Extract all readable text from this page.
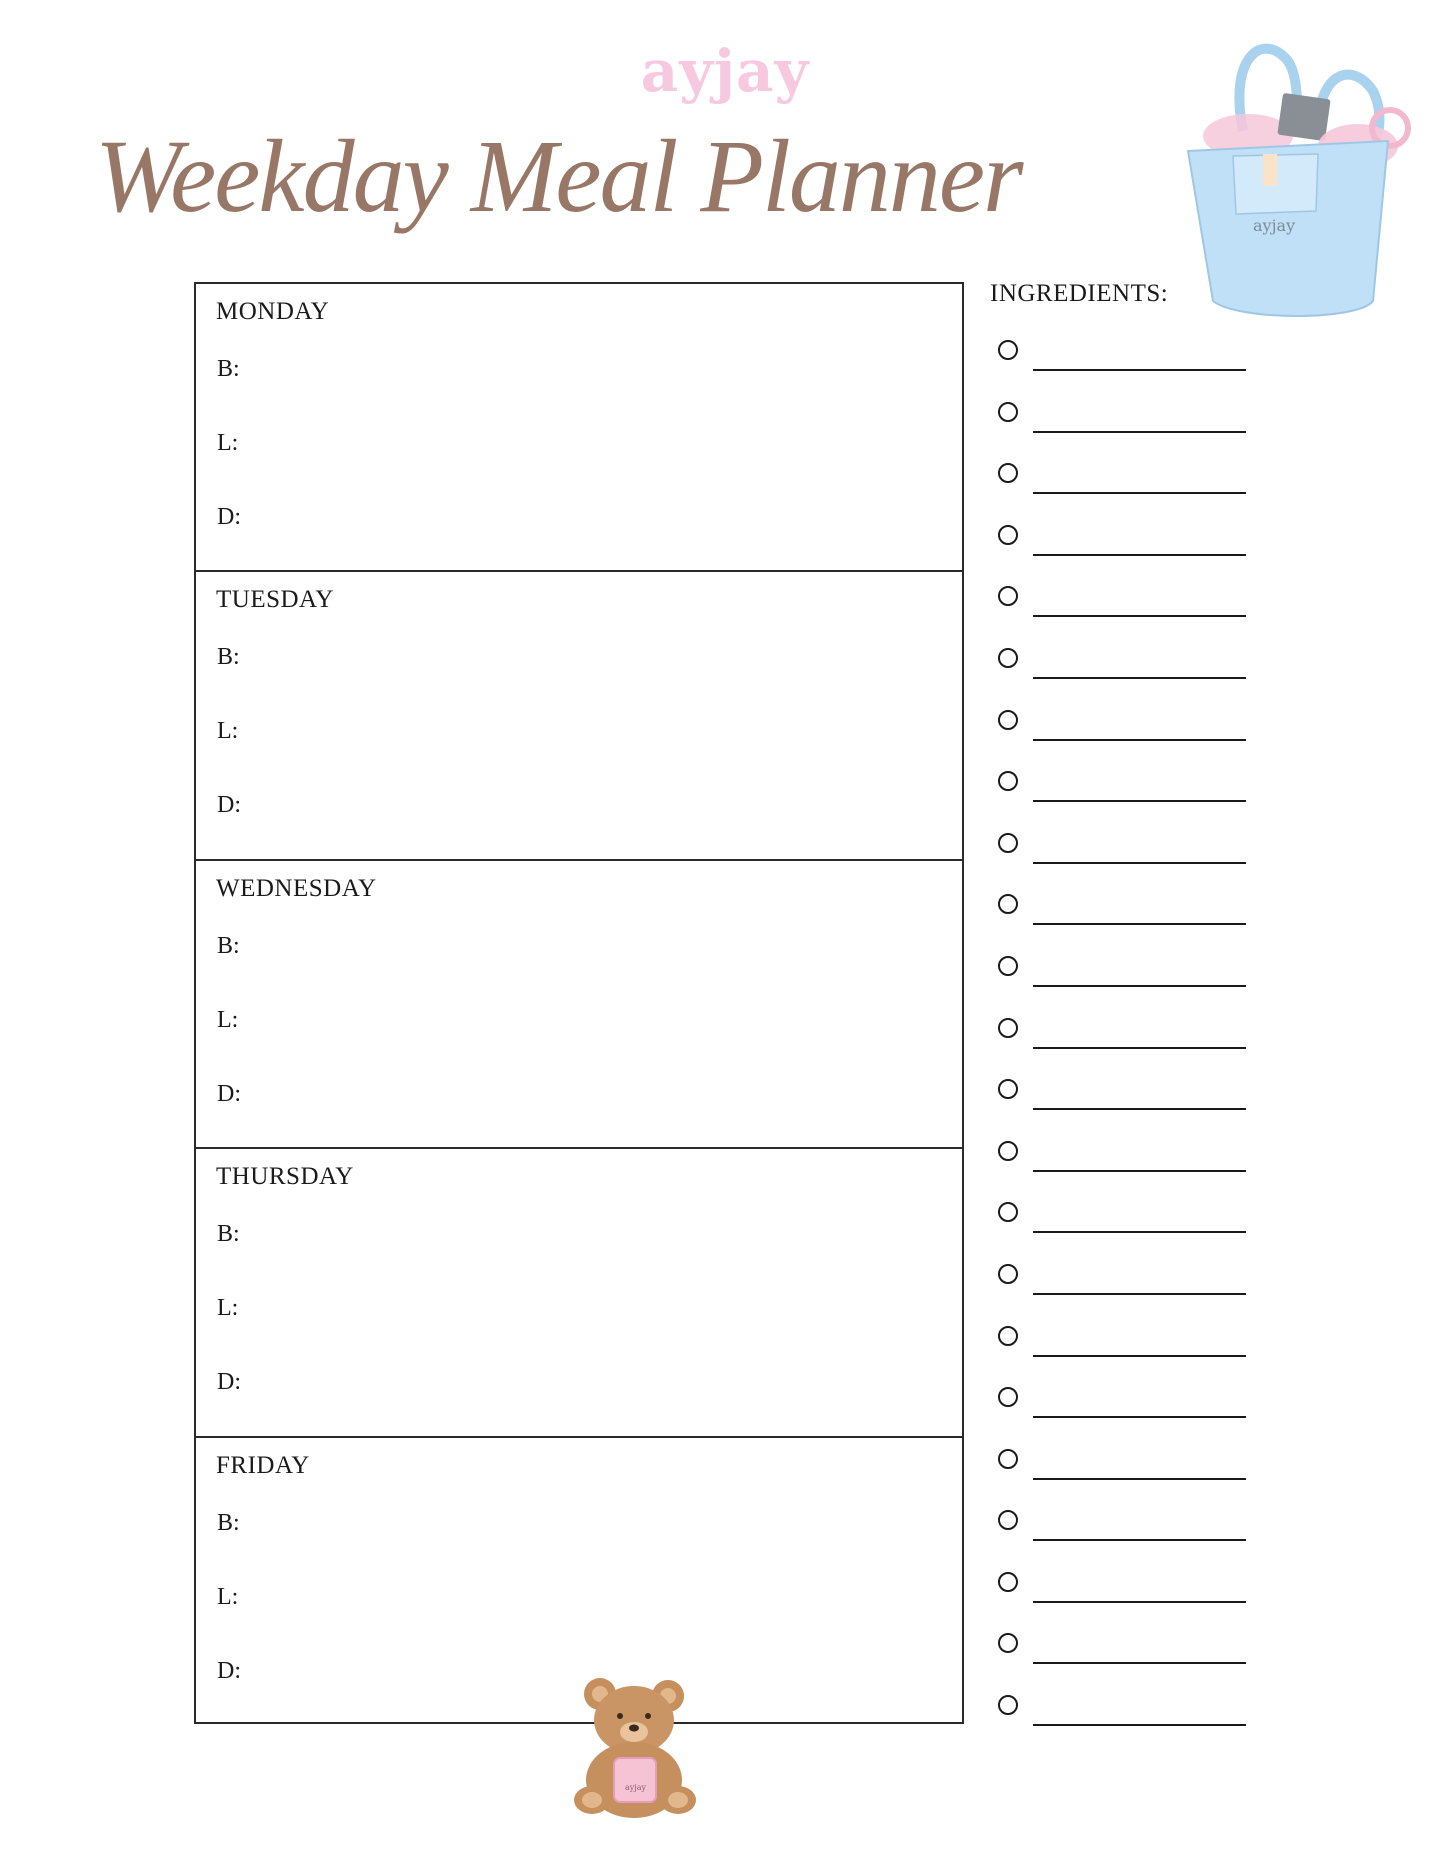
ayjay
Weekday Meal Planner	ayjay
MONDAY
B:
L:
D:
TUESDAY
B:
L:
D:
WEDNESDAY
B:
L:
D:
THURSDAY
B:
L:
D:
FRIDAY
B:
L:
D:
INGREDIENTS:
ayjay
